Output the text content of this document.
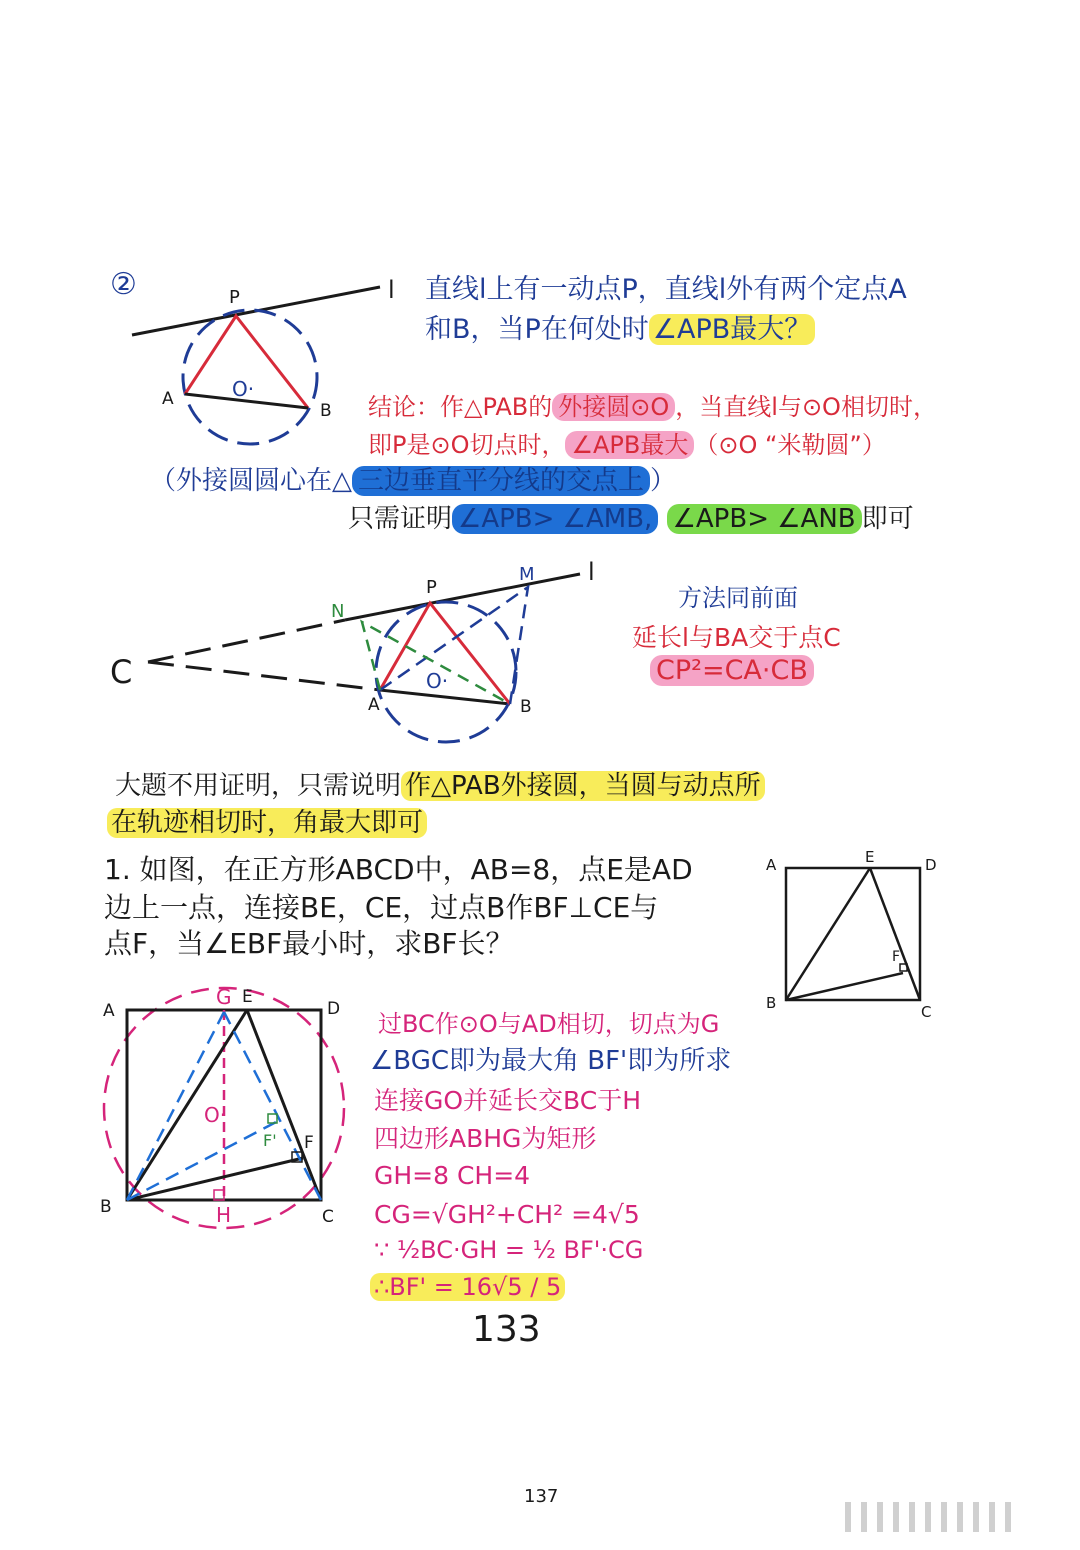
②	直线l上有一动点P，直线l外有两个定点A
和B，当P在何处时 ∠APB最大？
结论：作△PAB的 外接圆⊙O ，当直线l与⊙O相切时，
即P是⊙O切点时， ∠APB最大 （⊙O “米勒圆”）
（外接圆圆心在△ 三边垂直平分线的交点上 ）
只需证明 ∠APB> ∠AMB, ∠APB> ∠ANB 即可
方法同前面
延长l与BA交于点C
CP²=CA·CB
大题不用证明，只需说明 作△PAB外接圆，当圆与动点所
在轨迹相切时，角最大即可
1. 如图，在正方形ABCD中，AB=8，点E是AD
边上一点，连接BE，CE，过点B作BF⊥CE与
点F，当∠EBF最小时，求BF长？
过BC作⊙O与AD相切，切点为G
∠BGC即为最大角 BF'即为所求
连接GO并延长交BC于H
四边形ABHG为矩形
GH=8 CH=4
CG=√GH²+CH² =4√5
∵ ½BC·GH = ½ BF'·CG
∴BF' = 16√5 / 5
133
137
P	l
A
B
O·
C
P
M
N
l
A	B
O·
A	E	D
F
B	C
A
G E
D
O·
F
F'
B	H	C
